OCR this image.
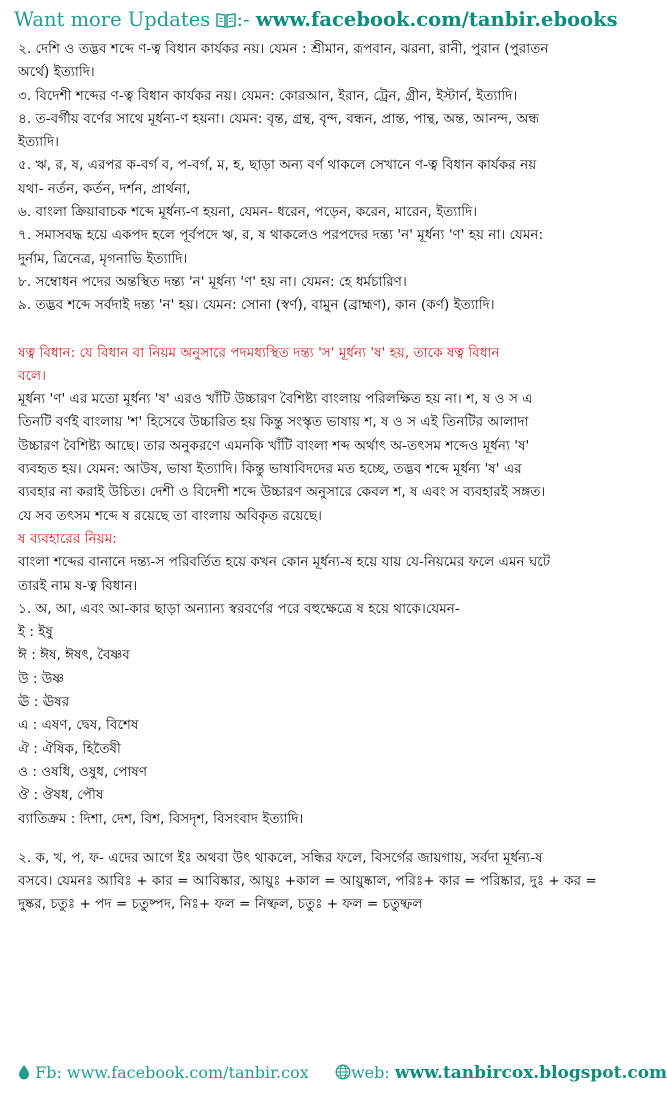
Want more Updates :- www.facebook.com/tanbir.ebooks

২. দেশি ও তদ্ভব শব্দে ণ-ত্ব বিধান কার্যকর নয়। যেমন : শ্রীমান, রূপবান, ঝরনা, রানী, পুরান (পুরাতন

অর্থে) ইত্যাদি।

৩. বিদেশী শব্দের ণ-ত্ব বিধান কার্যকর নয়। যেমন: কোরআন, ইরান, ট্রেন, গ্রীন, ইস্টার্ন, ইত্যাদি।

৪. ত-বর্গীয় বর্ণের সাথে মূর্ধন্য-ণ হয়না। যেমন: বৃন্ত, গ্রন্থ, বৃন্দ, বন্ধন, প্রান্ত, পান্থ, অন্ত, আনন্দ, অন্ধ

ইত্যাদি।

৫. ঋ, র, ষ, এরপর ক-বর্গ ব, প-বর্গ, ম, হ, ছাড়া অন্য বর্ণ থাকলে সেখানে ণ-ত্ব বিধান কার্যকর নয়

যথা- নর্তন, কর্তন, দর্শন, প্রার্থনা,

৬. বাংলা ক্রিয়াবাচক শব্দে মূর্ধন্য-ণ হয়না, যেমন- ধরেন, পড়েন, করেন, মারেন, ইত্যাদি।

৭. সমাসবদ্ধ হয়ে একপদ হলে পূর্বপদে ঋ, র, ষ থাকলেও পরপদের দন্ত্য 'ন' মূর্ধন্য 'ণ' হয় না। যেমন:

দুর্নাম, ত্রিনেত্র, মৃগনাভি ইত্যাদি।

৮. সম্বোধন পদের অন্তস্থিত দন্ত্য 'ন' মূর্ধন্য 'ণ' হয় না। যেমন: হে ধর্মচারিণ।

৯. তদ্ভব শব্দে সর্বদাই দন্ত্য 'ন' হয়। যেমন: সোনা (স্বর্ণ), বামুন (ব্রাহ্মণ), কান (কর্ণ) ইত্যাদি।

ষত্ব বিধান: যে বিধান বা নিয়ম অনুসারে পদমধ্যস্থিত দন্ত্য 'স' মূর্ধন্য 'ষ' হয়, তাকে ষত্ব বিধান

বলে।

মূর্ধন্য 'ণ' এর মতো মূর্ধন্য 'ষ' এরও খাঁটি উচ্চারণ বৈশিষ্ট্য বাংলায় পরিলক্ষিত হয় না। শ, ষ ও স এ

তিনটি বর্ণই বাংলায় 'শ' হিসেবে উচ্চারিত হয় কিন্তু সংস্কৃত ভাষায় শ, ষ ও স এই তিনটির আলাদা

উচ্চারণ বৈশিষ্ট্য আছে। তার অনুকরণে এমনকি খাঁটি বাংলা শব্দ অর্থাৎ অ-তৎসম শব্দেও মূর্ধন্য 'ষ'

ব্যবহৃত হয়। যেমন: আউষ, ভাষা ইত্যাদি। কিন্তু ভাষাবিদদের মত হচ্ছে, তদ্ভব শব্দে মূর্ধন্য 'ষ' এর

ব্যবহার না করাই উচিত। দেশী ও বিদেশী শব্দে উচ্চারণ অনুসারে কেবল শ, ষ এবং স ব্যবহারই সঙ্গত।

যে সব তৎসম শব্দে ষ রয়েছে তা বাংলায় অবিকৃত রয়েছে।

ষ ব্যবহারের নিয়ম:

বাংলা শব্দের বানানে দন্ত্য-স পরিবর্তিত হয়ে কখন কোন মূর্ধন্য-ষ হয়ে যায় যে-নিয়মের ফলে এমন ঘটে

তারই নাম ষ-ত্ব বিধান।

১. অ, আ, এবং আ-কার ছাড়া অন্যান্য স্বরবর্ণের পরে বহুক্ষেত্রে ষ হয়ে থাকে।যেমন-

ই : ইষু

ঈ : ঈষ, ঈষৎ, বৈষ্ণব

উ : উষ্ণ

ঊ : ঊষর

এ : এষণ, দ্বেষ, বিশেষ

ঐ : ঐষিক, হিতৈষী

ও : ওষধি, ওষুধ, পোষণ

ঔ : ঔষধ, পৌষ

ব্যাতিক্রম : দিশা, দেশ, বিশ, বিসদৃশ, বিসংবাদ ইত্যাদি।

২. ক, খ, প, ফ- এদের আগে ইঃ অথবা উৎ থাকলে, সন্ধির ফলে, বিসর্গের জায়গায়, সর্বদা মূর্ধন্য-ষ

বসবে। যেমনঃ আবিঃ + কার = আবিষ্কার, আয়ুঃ +কাল = আয়ুষ্কাল, পরিঃ+ কার = পরিষ্কার, দুঃ + কর =

দুষ্কর, চতুঃ + পদ = চতুষ্পদ, নিঃ+ ফল = নিষ্ফল, চতুঃ + ফল = চতুষ্ফল

Fb: www.facebook.com/tanbir.cox	web: www.tanbircox.blogspot.com
